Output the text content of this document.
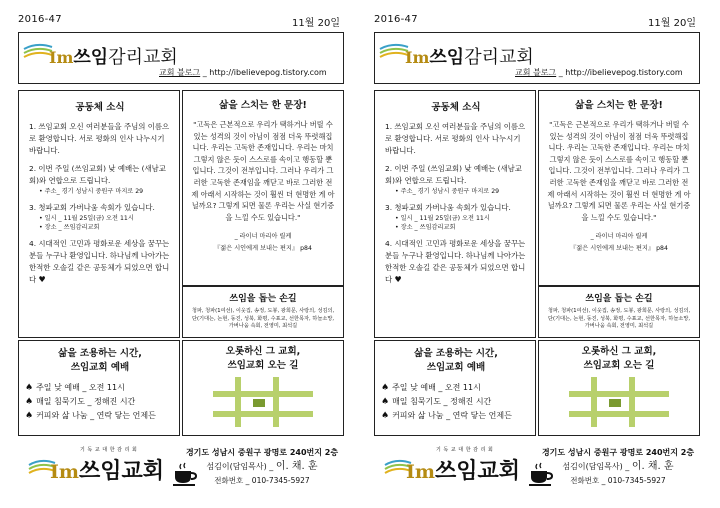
2016-47	11월 20일
Im쓰임감리교회
교회 블로그 _ http://ibelievepog.tistory.com
공동체 소식
1. 쓰임교회 오신 여러분들을 주님의 이름으로 환영합니다. 서로 평화의 인사 나누시기 바랍니다.
2. 이번 주일 (쓰임교회) 낮 예배는 (새남교회)와 연합으로 드립니다.
• 주소_ 경기 성남시 중원구 마지로 29
3. 청파교회 가버나움 속회가 있습니다.
• 일시 _ 11월 25일(금) 오전 11시
• 장소 _ 쓰임감리교회
4. 시대적인 고민과 평화로운 세상을 꿈꾸는 분들 누구나 환영입니다. 하나님께 나아가는 한적한 오솔길 같은 공동체가 되었으면 합니다 ♥
삶을 스치는 한 문장!
"고독은 근본적으로 우리가 택하거나 버릴 수 있는 성격의 것이 아님이 점점 더욱 뚜렷해집니다. 우리는 고독한 존재입니다. 우리는 마치 그렇지 않은 듯이 스스로를 속이고 행동할 뿐입니다. 그것이 전부입니다. 그러나 우리가 그러한 고독한 존재임을 깨닫고 바로 그러한 전제 아래서 시작하는 것이 훨씬 더 현명한 게 아닐까요? 그렇게 되면 물론 우리는 사실 현기증을 느낄 수도 있습니다."
_ 라이너 마리아 릴케
『젊은 시인에게 보내는 편지』 p84
쓰임을 돕는 손길
청파, 청파(1여선), 이웃집, 송정, 도봉, 광희문, 사랑의, 성김의, 단(기대는, 논현, 동진, 성북, 화평, 수표교, 선한목자, 하늘소망, 가버나움 속회, 전영미, 최석길
삶을 조용하는 시간,
쓰임교회 예배
♠ 주일 낮 예배 _ 오전 11시
♠ 매일 침묵기도 _ 정해진 시간
♠ 커피와 삶 나눔 _ 연락 닿는 언제든
오롯하신 그 교회,
쓰임교회 오는 길
기독교대한감리회
Im쓰임교회
경기도 성남시 중원구 광명로 240번지 2층
섬김이(담임목사) _ 이. 채. 훈
전화번호 _ 010-7345-5927
2016-47	11월 20일
Im쓰임감리교회
교회 블로그 _ http://ibelievepog.tistory.com
공동체 소식
1. 쓰임교회 오신 여러분들을 주님의 이름으로 환영합니다. 서로 평화의 인사 나누시기 바랍니다.
2. 이번 주일 (쓰임교회) 낮 예배는 (새남교회)와 연합으로 드립니다.
• 주소_ 경기 성남시 중원구 마지로 29
3. 청파교회 가버나움 속회가 있습니다.
• 일시 _ 11월 25일(금) 오전 11시
• 장소 _ 쓰임감리교회
4. 시대적인 고민과 평화로운 세상을 꿈꾸는 분들 누구나 환영입니다. 하나님께 나아가는 한적한 오솔길 같은 공동체가 되었으면 합니다 ♥
삶을 스치는 한 문장!
"고독은 근본적으로 우리가 택하거나 버릴 수 있는 성격의 것이 아님이 점점 더욱 뚜렷해집니다. 우리는 고독한 존재입니다. 우리는 마치 그렇지 않은 듯이 스스로를 속이고 행동할 뿐입니다. 그것이 전부입니다. 그러나 우리가 그러한 고독한 존재임을 깨닫고 바로 그러한 전제 아래서 시작하는 것이 훨씬 더 현명한 게 아닐까요? 그렇게 되면 물론 우리는 사실 현기증을 느낄 수도 있습니다."
_ 라이너 마리아 릴케
『젊은 시인에게 보내는 편지』 p84
쓰임을 돕는 손길
청파, 청파(1여선), 이웃집, 송정, 도봉, 광희문, 사랑의, 성김의, 단(기대는, 논현, 동진, 성북, 화평, 수표교, 선한목자, 하늘소망, 가버나움 속회, 전영미, 최석길
삶을 조용하는 시간,
쓰임교회 예배
♠ 주일 낮 예배 _ 오전 11시
♠ 매일 침묵기도 _ 정해진 시간
♠ 커피와 삶 나눔 _ 연락 닿는 언제든
오롯하신 그 교회,
쓰임교회 오는 길
기독교대한감리회
Im쓰임교회
경기도 성남시 중원구 광명로 240번지 2층
섬김이(담임목사) _ 이. 채. 훈
전화번호 _ 010-7345-5927
